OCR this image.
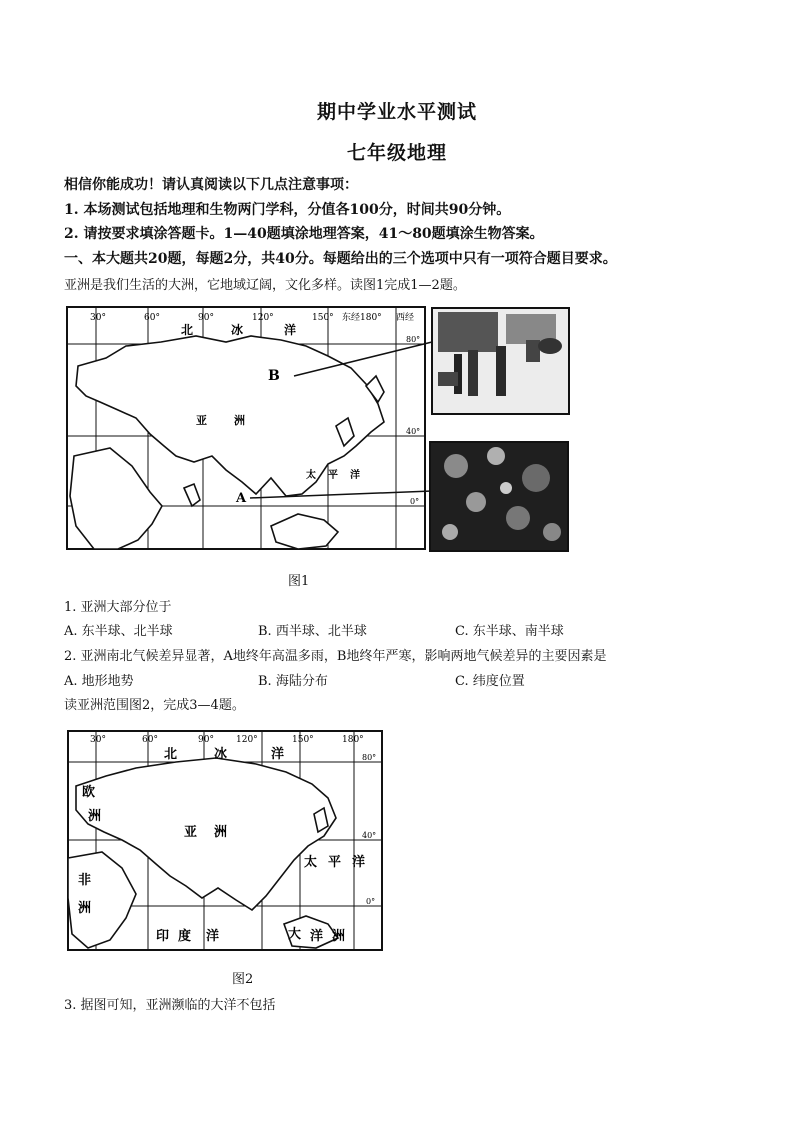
期中学业水平测试
七年级地理
相信你能成功！请认真阅读以下几点注意事项：
1. 本场测试包括地理和生物两门学科，分值各100分，时间共90分钟。
2. 请按要求填涂答题卡。1—40题填涂地理答案，41～80题填涂生物答案。
一、本大题共20题，每题2分，共40分。每题给出的三个选项中只有一项符合题目要求。
亚洲是我们生活的大洲，它地域辽阔，文化多样。读图1完成1—2题。
30°	60°	90°	120°	150° 东经180° 西经
北	冰	洋
亚 洲
太 平 洋
80°
40°
0°
B
A
图1
1. 亚洲大部分位于
A. 东半球、北半球	B. 西半球、北半球	C. 东半球、南半球
2. 亚洲南北气候差异显著，A地终年高温多雨，B地终年严寒，影响两地气候差异的主要因素是
A. 地形地势	B. 海陆分布	C. 纬度位置
读亚洲范围图2，完成3—4题。
30°	60°	90° 120°	150°	180°
80°
40°
0°
北	冰	洋
欧
洲
亚 洲
太 平 洋
非
洲
印 度 洋	大 洋 洲
图2
3. 据图可知，亚洲濒临的大洋不包括
